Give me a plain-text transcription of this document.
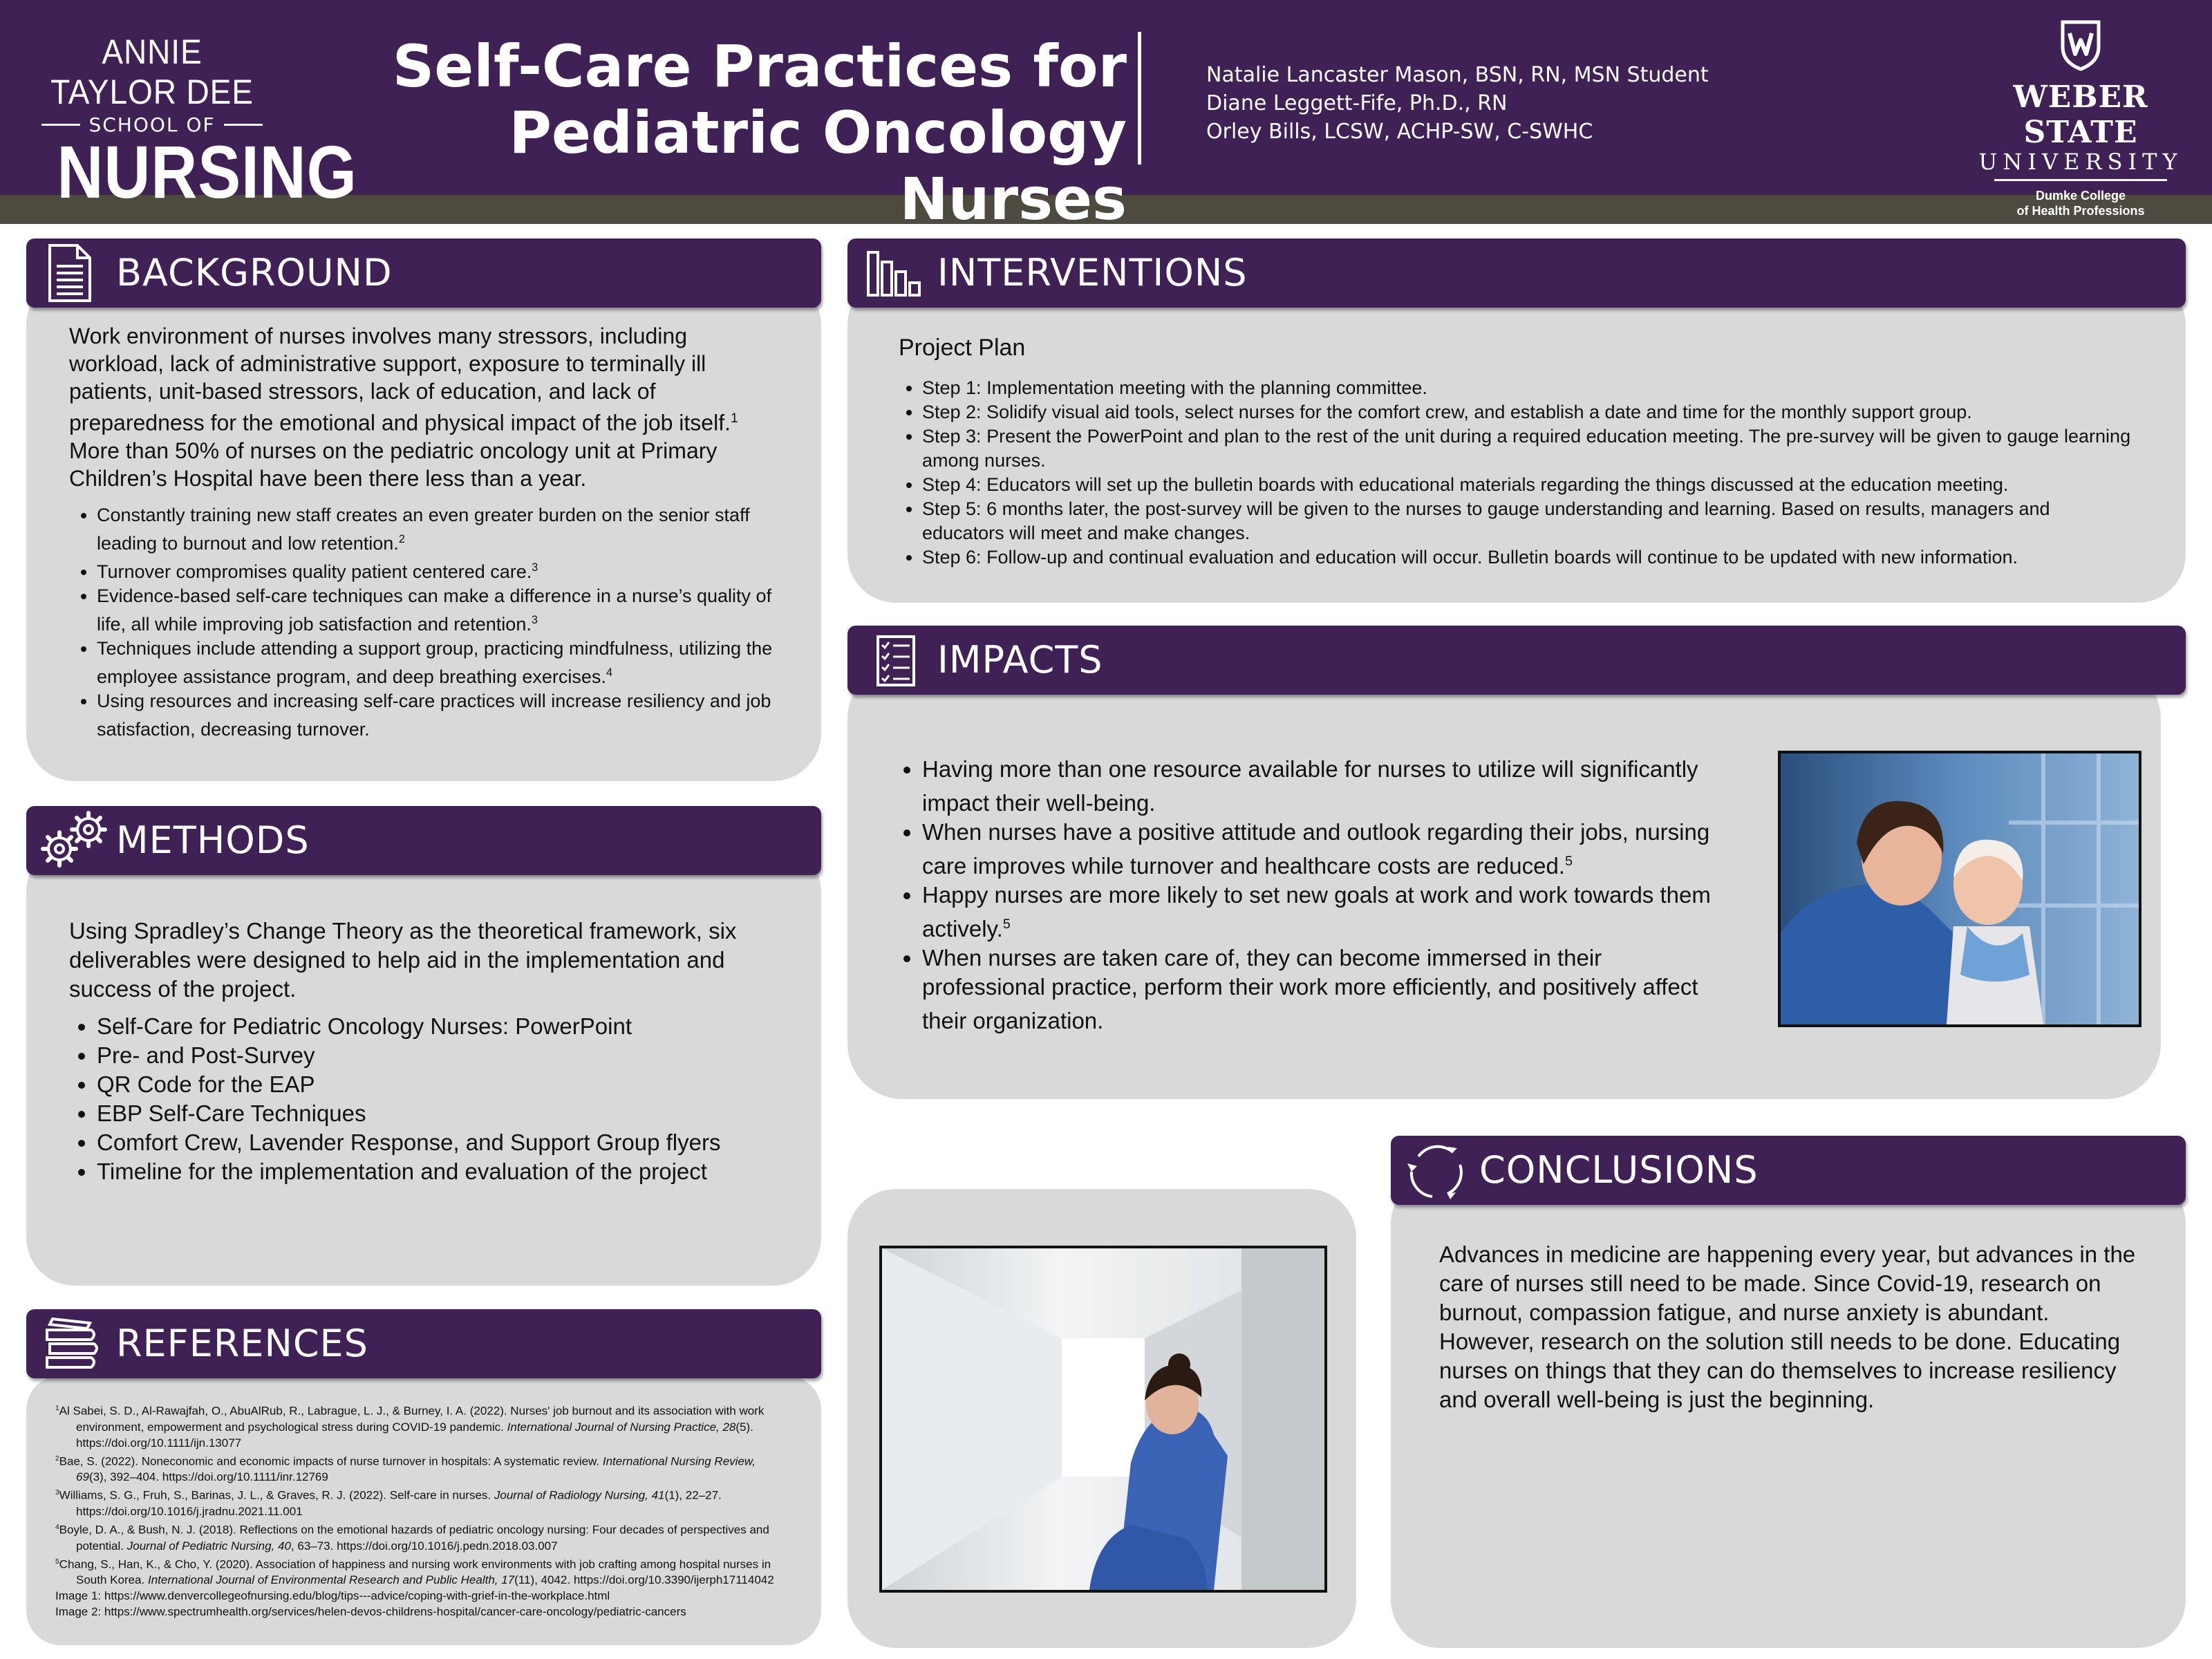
ANNIE TAYLOR DEE
SCHOOL OF
NURSING
Self-Care Practices for
Pediatric Oncology Nurses
Natalie Lancaster Mason, BSN, RN, MSN Student
Diane Leggett-Fife, Ph.D., RN
Orley Bills, LCSW, ACHP-SW, C-SWHC
WEBER STATE
UNIVERSITY
Dumke College
of Health Professions
BACKGROUND
Work environment of nurses involves many stressors, including workload, lack of administrative support, exposure to terminally ill patients, unit-based stressors, lack of education, and lack of preparedness for the emotional and physical impact of the job itself.$^1$
More than 50% of nurses on the pediatric oncology unit at Primary Children’s Hospital have been there less than a year.
• Constantly training new staff creates an even greater burden on the senior staff leading to burnout and low retention.$^2$
• Turnover compromises quality patient centered care.$^3$
• Evidence-based self-care techniques can make a difference in a nurse’s quality of life, all while improving job satisfaction and retention.$^3$
• Techniques include attending a support group, practicing mindfulness, utilizing the employee assistance program, and deep breathing exercises.$^4$
• Using resources and increasing self-care practices will increase resiliency and job satisfaction, decreasing turnover.
METHODS
Using Spradley’s Change Theory as the theoretical framework, six deliverables were designed to help aid in the implementation and success of the project.
• Self-Care for Pediatric Oncology Nurses: PowerPoint
• Pre- and Post-Survey
• QR Code for the EAP
• EBP Self-Care Techniques
• Comfort Crew, Lavender Response, and Support Group flyers
• Timeline for the implementation and evaluation of the project
REFERENCES

$^1$Al Sabei, S. D., Al-Rawajfah, O., AbuAlRub, R., Labrague, L. J., & Burney, I. A. (2022). Nurses' job burnout and its association with work environment, empowerment and psychological stress during COVID-19 pandemic. International Journal of Nursing Practice, 28(5). https://doi.org/10.1111/ijn.13077

$^2$Bae, S. (2022). Noneconomic and economic impacts of nurse turnover in hospitals: A systematic review. International Nursing Review, 69(3), 392–404. https://doi.org/10.1111/inr.12769

$^3$Williams, S. G., Fruh, S., Barinas, J. L., & Graves, R. J. (2022). Self-care in nurses. Journal of Radiology Nursing, 41(1), 22–27. https://doi.org/10.1016/j.jradnu.2021.11.001

$^4$Boyle, D. A., & Bush, N. J. (2018). Reflections on the emotional hazards of pediatric oncology nursing: Four decades of perspectives and potential. Journal of Pediatric Nursing, 40, 63–73. https://doi.org/10.1016/j.pedn.2018.03.007

$^5$Chang, S., Han, K., & Cho, Y. (2020). Association of happiness and nursing work environments with job crafting among hospital nurses in South Korea. International Journal of Environmental Research and Public Health, 17(11), 4042. https://doi.org/10.3390/ijerph17114042

Image 1: https://www.denvercollegeofnursing.edu/blog/tips---advice/coping-with-grief-in-the-workplace.html

Image 2: https://www.spectrumhealth.org/services/helen-devos-childrens-hospital/cancer-care-oncology/pediatric-cancers

INTERVENTIONS
Project Plan
• Step 1: Implementation meeting with the planning committee.
• Step 2: Solidify visual aid tools, select nurses for the comfort crew, and establish a date and time for the monthly support group.
• Step 3: Present the PowerPoint and plan to the rest of the unit during a required education meeting. The pre-survey will be given to gauge learning among nurses.
• Step 4: Educators will set up the bulletin boards with educational materials regarding the things discussed at the education meeting.
• Step 5: 6 months later, the post-survey will be given to the nurses to gauge understanding and learning. Based on results, managers and educators will meet and make changes.
• Step 6: Follow-up and continual evaluation and education will occur. Bulletin boards will continue to be updated with new information.
IMPACTS
• Having more than one resource available for nurses to utilize will significantly impact their well-being.
• When nurses have a positive attitude and outlook regarding their jobs, nursing care improves while turnover and healthcare costs are reduced.$^5$
• Happy nurses are more likely to set new goals at work and work towards them actively.$^5$
• When nurses are taken care of, they can become immersed in their professional practice, perform their work more efficiently, and positively affect their organization.
CONCLUSIONS
Advances in medicine are happening every year, but advances in the care of nurses still need to be made. Since Covid-19, research on burnout, compassion fatigue, and nurse anxiety is abundant. However, research on the solution still needs to be done. Educating nurses on things that they can do themselves to increase resiliency and overall well-being is just the beginning.
